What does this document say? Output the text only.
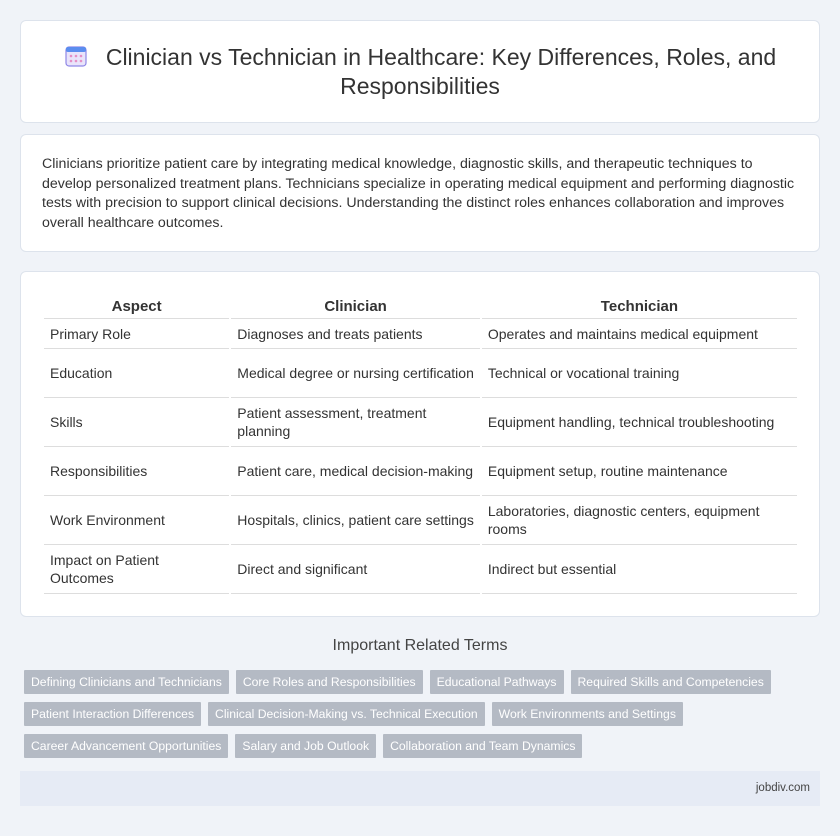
Clinician vs Technician in Healthcare: Key Differences, Roles, and Responsibilities

Clinicians prioritize patient care by integrating medical knowledge, diagnostic skills, and therapeutic techniques to develop personalized treatment plans. Technicians specialize in operating medical equipment and performing diagnostic tests with precision to support clinical decisions. Understanding the distinct roles enhances collaboration and improves overall healthcare outcomes.

Aspect	Clinician	Technician
Primary Role	Diagnoses and treats patients	Operates and maintains medical equipment
Education	Medical degree or nursing certification	Technical or vocational training
Skills	Patient assessment, treatment planning	Equipment handling, technical troubleshooting
Responsibilities	Patient care, medical decision-making	Equipment setup, routine maintenance
Work Environment	Hospitals, clinics, patient care settings	Laboratories, diagnostic centers, equipment rooms
Impact on Patient Outcomes	Direct and significant	Indirect but essential
Important Related Terms
Defining Clinicians and Technicians	Core Roles and Responsibilities	Educational Pathways	Required Skills and Competencies
Patient Interaction Differences	Clinical Decision-Making vs. Technical Execution	Work Environments and Settings
Career Advancement Opportunities	Salary and Job Outlook	Collaboration and Team Dynamics
jobdiv.com
